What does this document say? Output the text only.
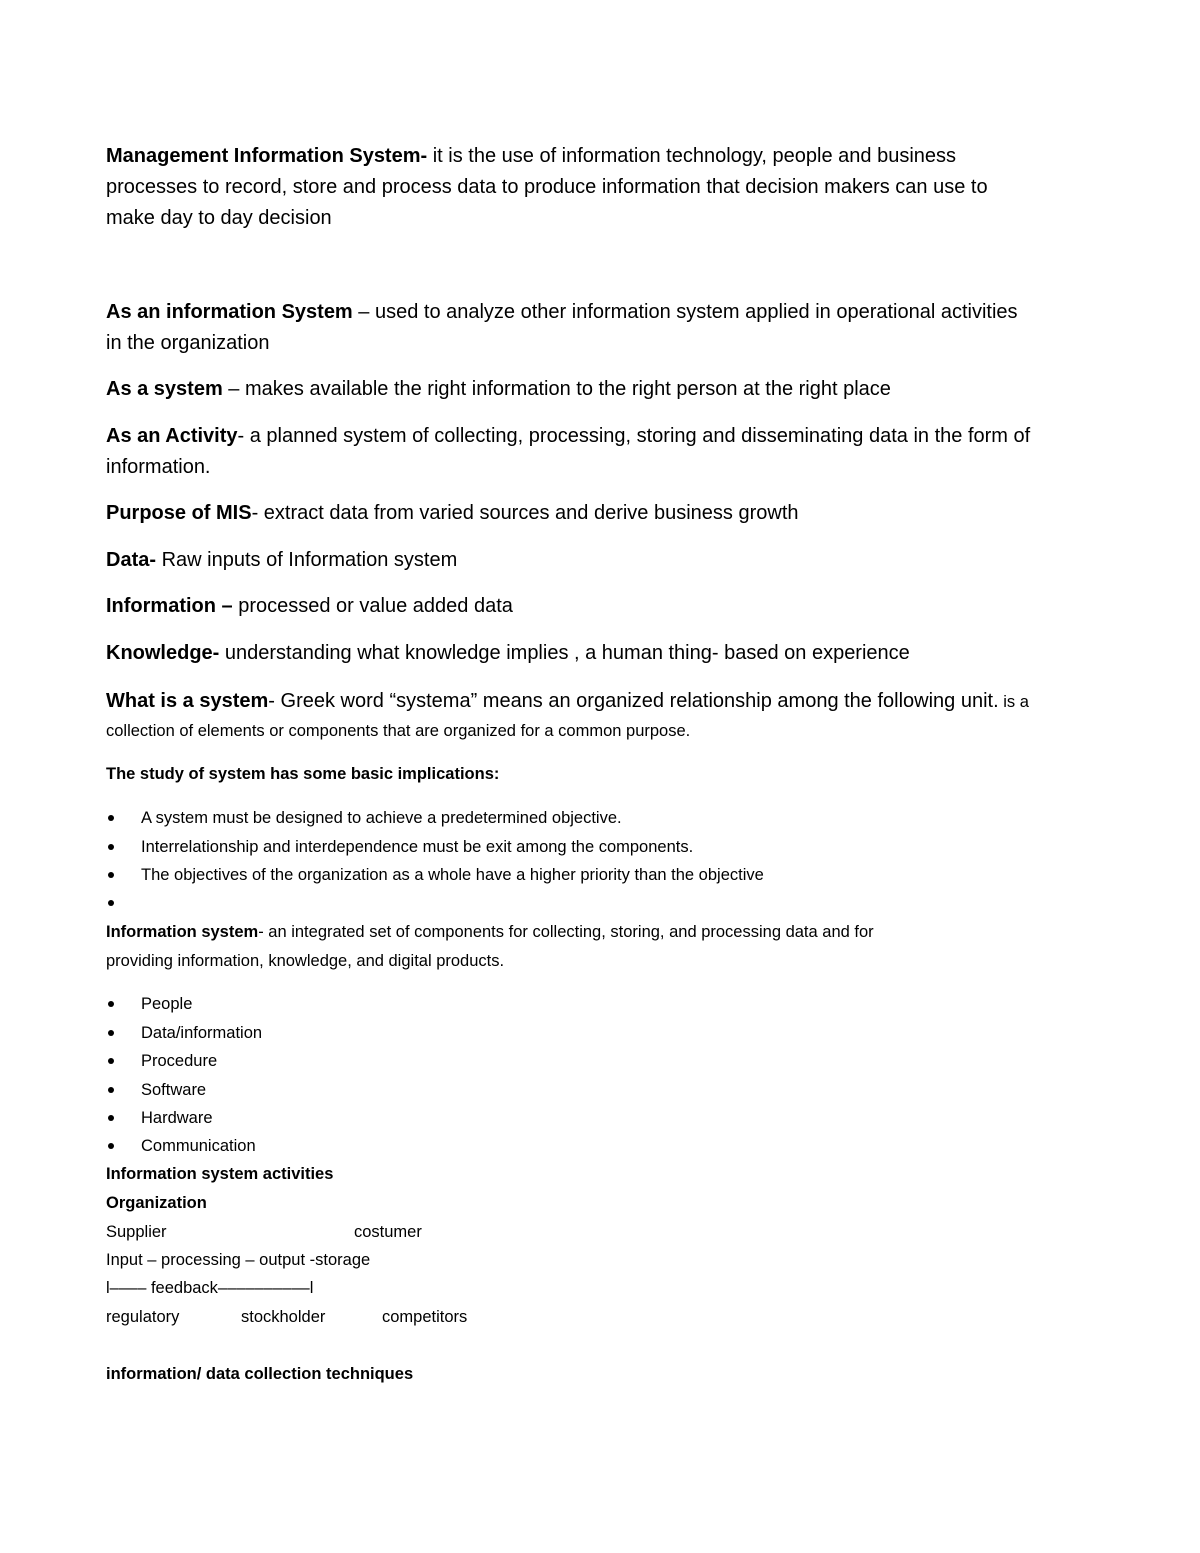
Management Information System- it is the use of information technology, people and business
processes to record, store and process data to produce information that decision makers can use to
make day to day decision
As an information System – used to analyze other information system applied in operational activities
in the organization
As a system – makes available the right information to the right person at the right place
As an Activity- a planned system of collecting, processing, storing and disseminating data in the form of
information.
Purpose of MIS- extract data from varied sources and derive business growth
Data- Raw inputs of Information system
Information – processed or value added data
Knowledge- understanding what knowledge implies , a human thing- based on experience
What is a system- Greek word “systema” means an organized relationship among the following unit. is a
collection of elements or components that are organized for a common purpose.
The study of system has some basic implications:
A system must be designed to achieve a predetermined objective.
Interrelationship and interdependence must be exit among the components.
The objectives of the organization as a whole have a higher priority than the objective
Information system- an integrated set of components for collecting, storing, and processing data and for
providing information, knowledge, and digital products.
People
Data/information
Procedure
Software
Hardware
Communication
Information system activities
Organization
Supplier	costumer
Input – processing – output -storage
l–––– feedback––––––––––l
regulatory	stockholder	competitors
information/ data collection techniques
